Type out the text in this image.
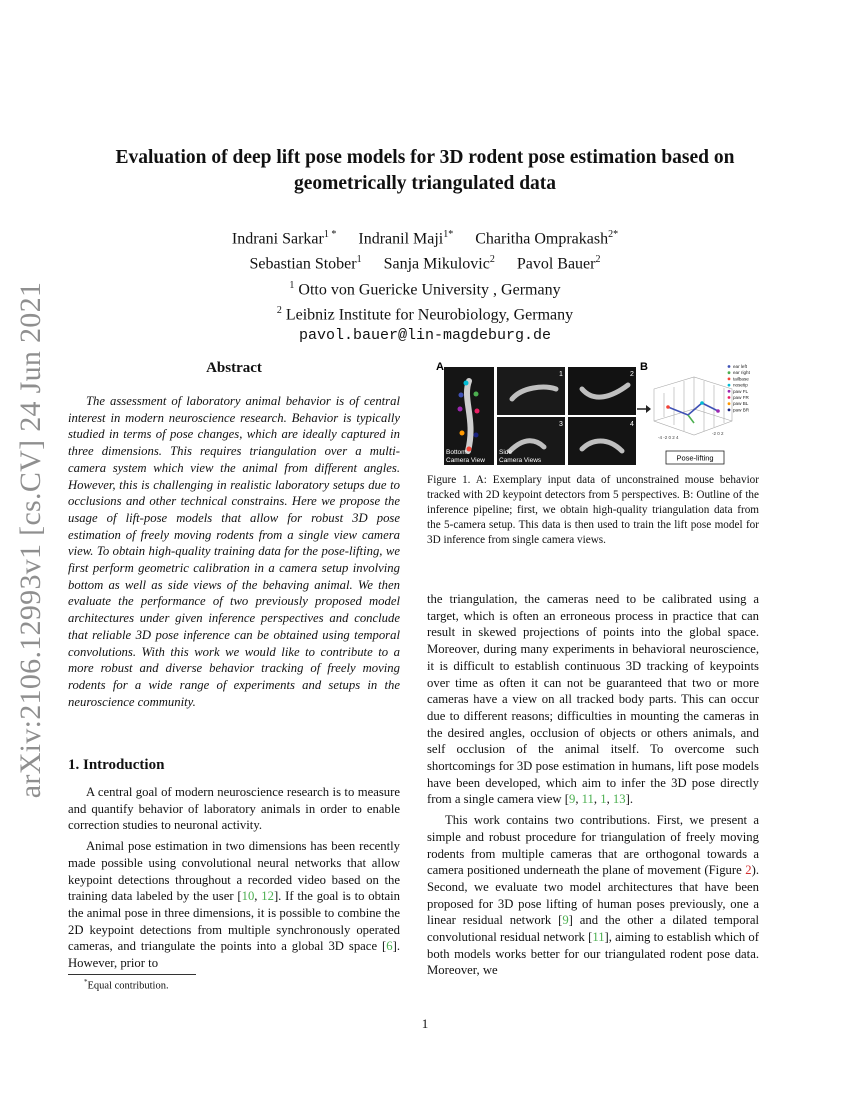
arXiv:2106.12993v1 [cs.CV] 24 Jun 2021
Evaluation of deep lift pose models for 3D rodent pose estimation based on
geometrically triangulated data
Indrani Sarkar$^{1 *}$ Indranil Maji$^{1*}$ Charitha Omprakash$^{2*}$
Sebastian Stober$^1$ Sanja Mikulovic$^2$ Pavol Bauer$^2$
$^1$ Otto von Guericke University , Germany
$^2$ Leibniz Institute for Neurobiology, Germany
pavol.bauer@lin-magdeburg.de
Abstract
The assessment of laboratory animal behavior is of central interest in modern neuroscience research. Behavior is typically studied in terms of pose changes, which are ideally captured in three dimensions. This requires triangulation over a multi-camera system which view the animal from different angles. However, this is challenging in realistic laboratory setups due to occlusions and other technical constrains. Here we propose the usage of lift-pose models that allow for robust 3D pose estimation of freely moving rodents from a single view camera view. To obtain high-quality training data for the pose-lifting, we first perform geometric calibration in a camera setup involving bottom as well as side views of the behaving animal. We then evaluate the performance of two previously proposed model architectures under given inference perspectives and conclude that reliable 3D pose inference can be obtained using temporal convolutions. With this work we would like to contribute to a more robust and diverse behavior tracking of freely moving rodents for a wide range of experiments and setups in the neuroscience community.
1. Introduction

A central goal of modern neuroscience research is to measure and quantify behavior of laboratory animals in order to enable correction studies to neuronal activity.

Animal pose estimation in two dimensions has been recently made possible using convolutional neural networks that allow keypoint detections throughout a recorded video based on the training data labeled by the user [10, 12]. If the goal is to obtain the animal pose in three dimensions, it is possible to combine the 2D keypoint detections from multiple synchronously operated cameras, and triangulate the points into a global 3D space [6]. However, prior to

*Equal contribution.
A	B
Bottom
Camera View
1	2
3	4
Side
Camera Views
-4 -2 0 2 4
-2 0 2
ear left
ear right
tailbase
nosetip
paw FL
paw FR
paw BL
paw BR
Pose-lifting
Figure 1. A: Exemplary input data of unconstrained mouse behavior tracked with 2D keypoint detectors from 5 perspectives. B: Outline of the inference pipeline; first, we obtain high-quality triangulation data from the 5-camera setup. This data is then used to train the lift pose model for 3D inference from single camera views.

the triangulation, the cameras need to be calibrated using a target, which is often an erroneous process in practice that can result in skewed projections of points into the global space. Moreover, during many experiments in behavioral neuroscience, it is difficult to establish continuous 3D tracking of keypoints over time as often it can not be guaranteed that two or more cameras have a view on all tracked body parts. This can occur due to different reasons; difficulties in mounting the cameras in the desired angles, occlusion of objects or others animals, and self occlusion of the animal itself. To overcome such shortcomings for 3D pose estimation in humans, lift pose models have been developed, which aim to infer the 3D pose directly from a single camera view [9, 11, 1, 13].

This work contains two contributions. First, we present a simple and robust procedure for triangulation of freely moving rodents from multiple cameras that are orthogonal towards a camera positioned underneath the plane of movement (Figure 2). Second, we evaluate two model architectures that have been proposed for 3D pose lifting of human poses previously, one a linear residual network [9] and the other a dilated temporal convolutional residual network [11], aiming to establish which of both models works better for our triangulated rodent pose data. Moreover, we

1
